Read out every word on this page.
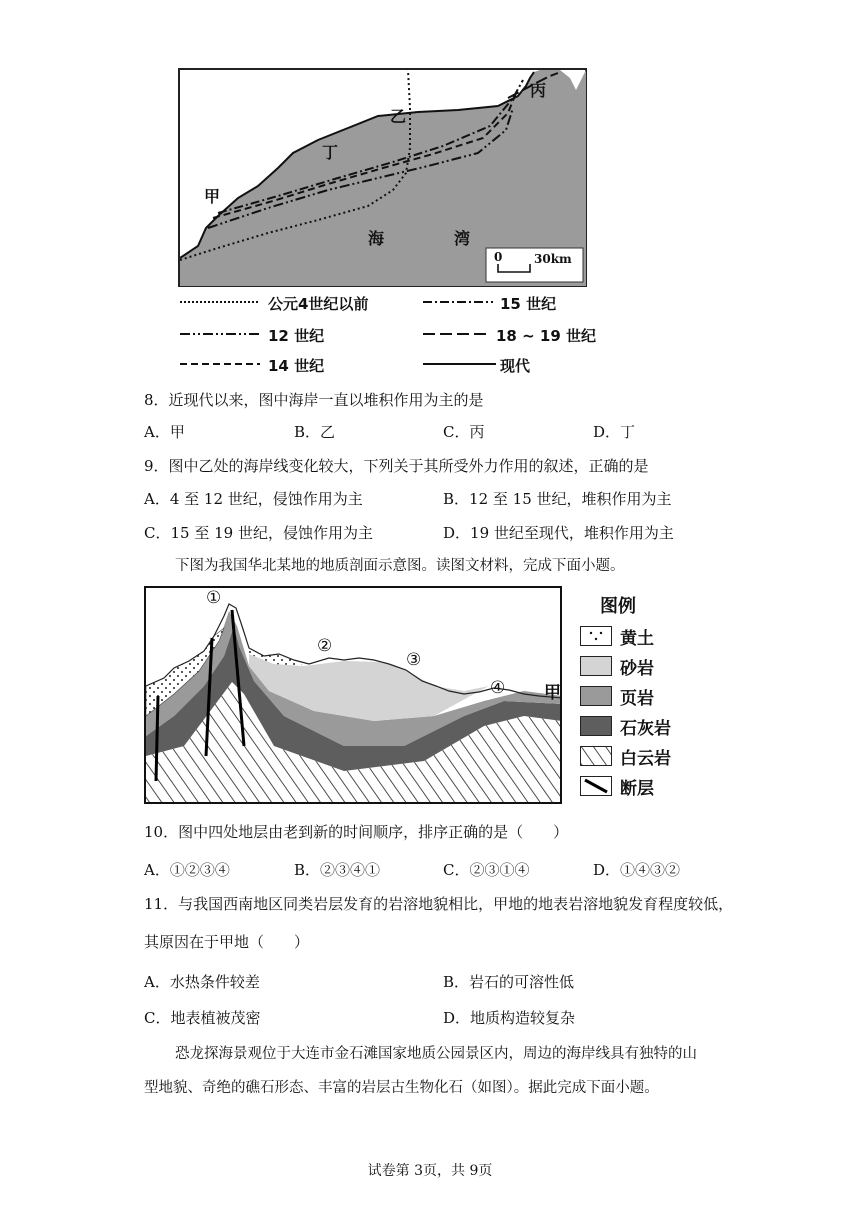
甲
丁
乙
丙
海	湾
0	30km
公元4世纪以前	15 世纪
12 世纪	18 ~ 19 世纪
14 世纪	现代
8．近现代以来，图中海岸一直以堆积作用为主的是
A．甲	B．乙	C．丙	D．丁
9．图中乙处的海岸线变化较大，下列关于其所受外力作用的叙述，正确的是
A．4 至 12 世纪，侵蚀作用为主	B．12 至 15 世纪，堆积作用为主
C．15 至 19 世纪，侵蚀作用为主	D．19 世纪至现代，堆积作用为主
下图为我国华北某地的地质剖面示意图。读图文材料，完成下面小题。
①
②
③
④ 甲
图例
黄土
砂岩
页岩
石灰岩
白云岩
断层
10．图中四处地层由老到新的时间顺序，排序正确的是（　　）
A．①②③④	B．②③④①	C．②③①④	D．①④③②
11．与我国西南地区同类岩层发育的岩溶地貌相比，甲地的地表岩溶地貌发育程度较低，
其原因在于甲地（　　）
A．水热条件较差	B．岩石的可溶性低
C．地表植被茂密	D．地质构造较复杂
恐龙探海景观位于大连市金石滩国家地质公园景区内，周边的海岸线具有独特的山
型地貌、奇绝的礁石形态、丰富的岩层古生物化石（如图）。据此完成下面小题。
试卷第 3页，共 9页
